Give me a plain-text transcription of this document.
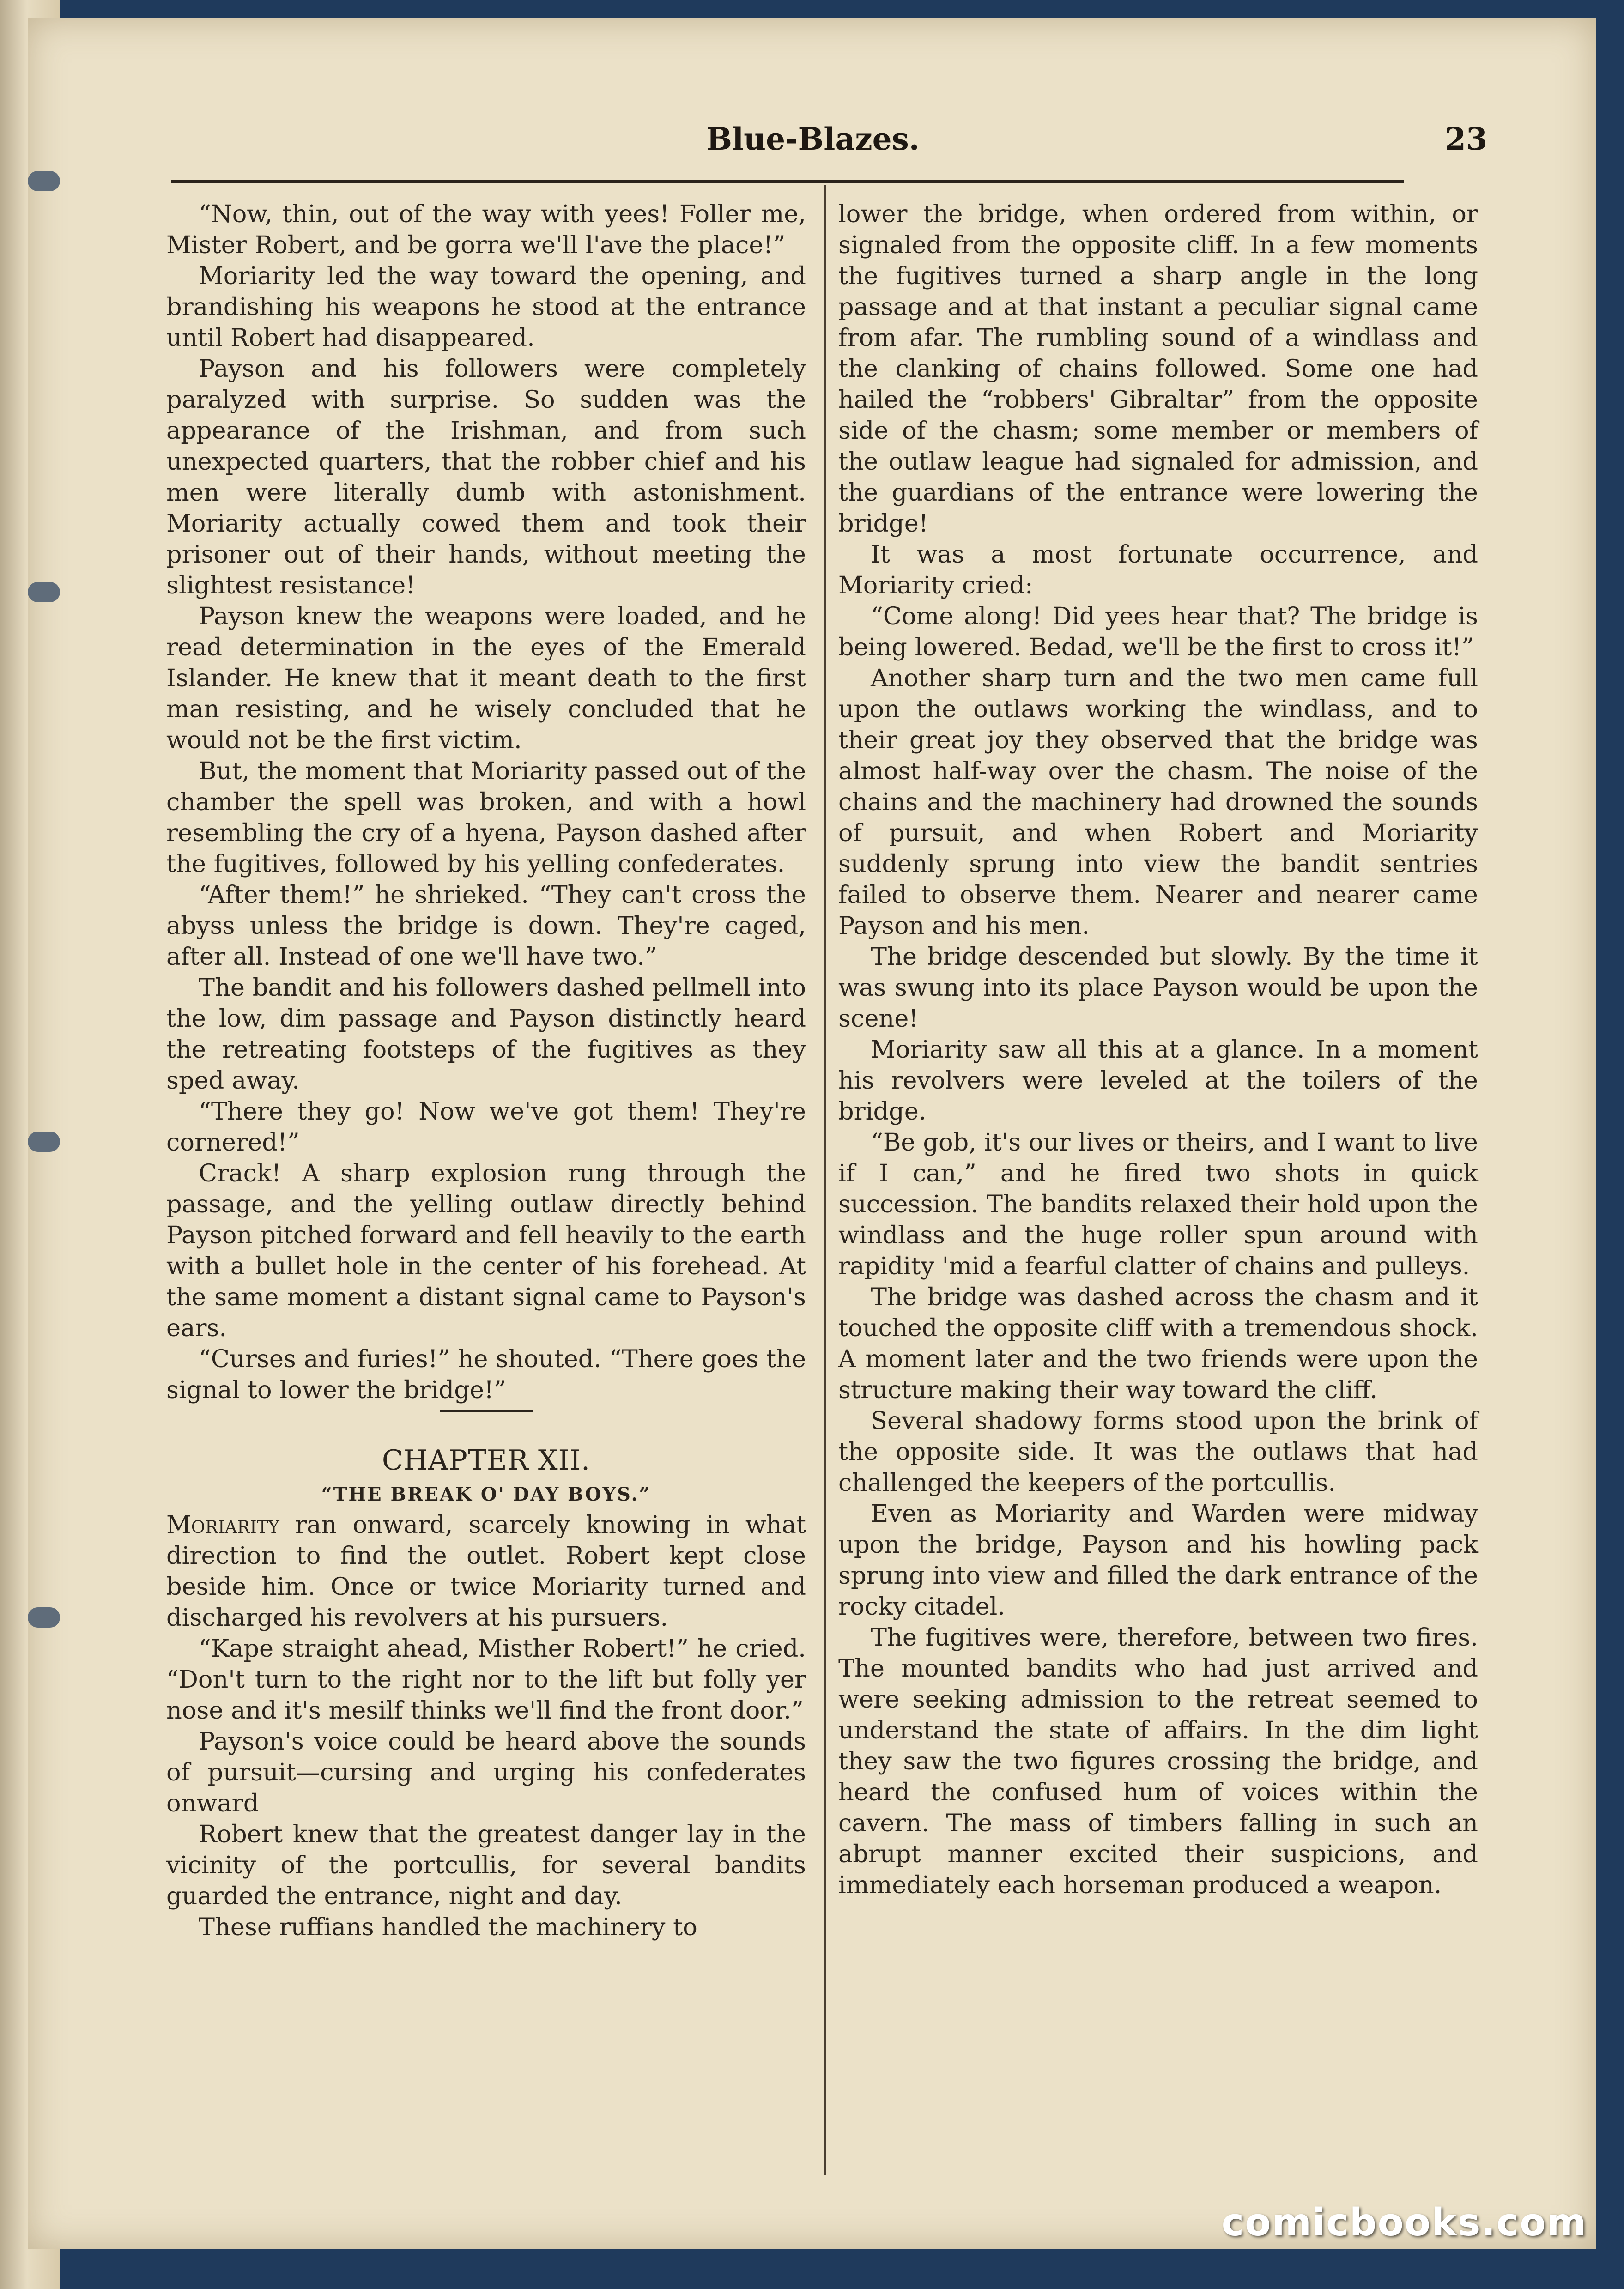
Blue-Blazes.	23

“Now, thin, out of the way with yees! Foller me, Mister Robert, and be gorra we'll l'ave the place!”

Moriarity led the way toward the opening, and brandishing his weapons he stood at the entrance until Robert had disappeared.

Payson and his followers were completely paralyzed with surprise. So sudden was the appearance of the Irishman, and from such unexpected quarters, that the robber chief and his men were literally dumb with astonishment. Moriarity actually cowed them and took their prisoner out of their hands, without meeting the slightest resistance!

Payson knew the weapons were loaded, and he read determination in the eyes of the Emerald Islander. He knew that it meant death to the first man resisting, and he wisely concluded that he would not be the first victim.

But, the moment that Moriarity passed out of the chamber the spell was broken, and with a howl resembling the cry of a hyena, Payson dashed after the fugitives, followed by his yelling confederates.

“After them!” he shrieked. “They can't cross the abyss unless the bridge is down. They're caged, after all. Instead of one we'll have two.”

The bandit and his followers dashed pellmell into the low, dim passage and Payson distinctly heard the retreating footsteps of the fugitives as they sped away.

“There they go! Now we've got them! They're cornered!”

Crack! A sharp explosion rung through the passage, and the yelling outlaw directly behind Payson pitched forward and fell heavily to the earth with a bullet hole in the center of his forehead. At the same moment a distant signal came to Payson's ears.

“Curses and furies!” he shouted. “There goes the signal to lower the bridge!”

CHAPTER XII.
“THE BREAK O' DAY BOYS.”

Moriarity ran onward, scarcely knowing in what direction to find the outlet. Robert kept close beside him. Once or twice Moriarity turned and discharged his revolvers at his pursuers.

“Kape straight ahead, Misther Robert!” he cried. “Don't turn to the right nor to the lift but folly yer nose and it's mesilf thinks we'll find the front door.”

Payson's voice could be heard above the sounds of pursuit—cursing and urging his confederates onward

Robert knew that the greatest danger lay in the vicinity of the portcullis, for several bandits guarded the entrance, night and day.

These ruffians handled the machinery to

lower the bridge, when ordered from within, or signaled from the opposite cliff. In a few moments the fugitives turned a sharp angle in the long passage and at that instant a peculiar signal came from afar. The rumbling sound of a windlass and the clanking of chains followed. Some one had hailed the “robbers' Gibraltar” from the opposite side of the chasm; some member or members of the outlaw league had signaled for admission, and the guardians of the entrance were lowering the bridge!

It was a most fortunate occurrence, and Moriarity cried:

“Come along! Did yees hear that? The bridge is being lowered. Bedad, we'll be the first to cross it!”

Another sharp turn and the two men came full upon the outlaws working the windlass, and to their great joy they observed that the bridge was almost half-way over the chasm. The noise of the chains and the machinery had drowned the sounds of pursuit, and when Robert and Moriarity suddenly sprung into view the bandit sentries failed to observe them. Nearer and nearer came Payson and his men.

The bridge descended but slowly. By the time it was swung into its place Payson would be upon the scene!

Moriarity saw all this at a glance. In a moment his revolvers were leveled at the toilers of the bridge.

“Be gob, it's our lives or theirs, and I want to live if I can,” and he fired two shots in quick succession. The bandits relaxed their hold upon the windlass and the huge roller spun around with rapidity 'mid a fearful clatter of chains and pulleys.

The bridge was dashed across the chasm and it touched the opposite cliff with a tremendous shock. A moment later and the two friends were upon the structure making their way toward the cliff.

Several shadowy forms stood upon the brink of the opposite side. It was the outlaws that had challenged the keepers of the portcullis.

Even as Moriarity and Warden were midway upon the bridge, Payson and his howling pack sprung into view and filled the dark entrance of the rocky citadel.

The fugitives were, therefore, between two fires. The mounted bandits who had just arrived and were seeking admission to the retreat seemed to understand the state of affairs. In the dim light they saw the two figures crossing the bridge, and heard the confused hum of voices within the cavern. The mass of timbers falling in such an abrupt manner excited their suspicions, and immediately each horseman produced a weapon.

comicbooks.com
